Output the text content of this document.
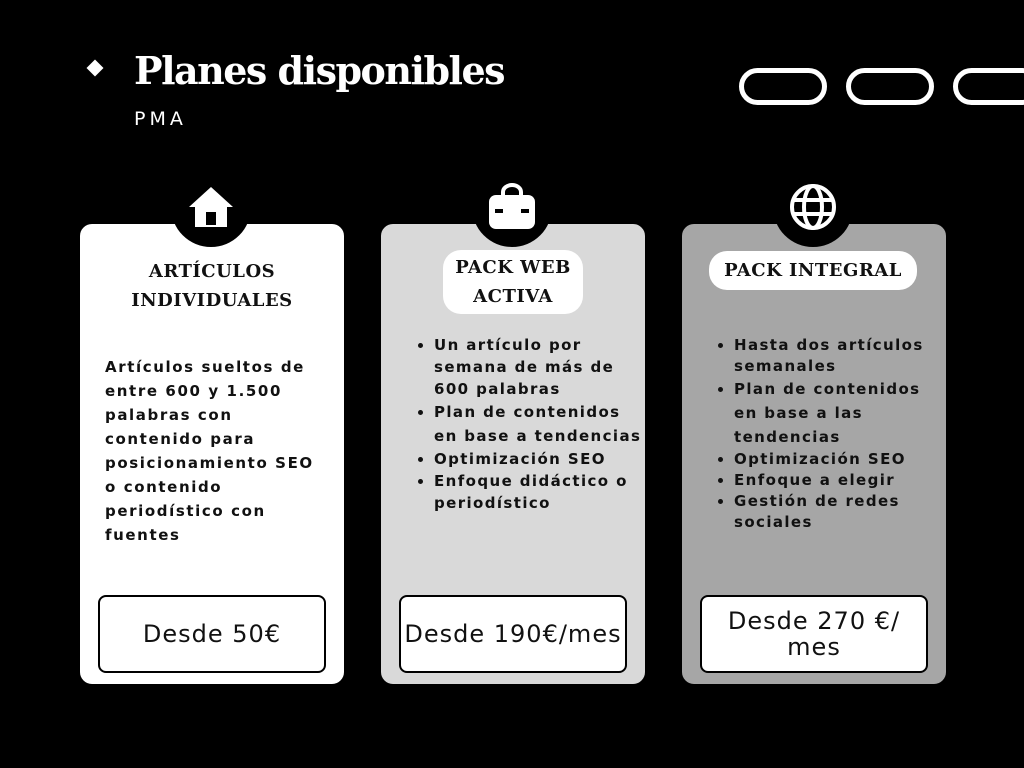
Planes disponibles

PMA

ARTÍCULOS INDIVIDUALES

Artículos sueltos de entre 600 y 1.500 palabras con contenido para posicionamiento SEO o contenido periodístico con fuentes

Desde 50€
PACK WEB ACTIVA
• Un artículo por semana de más de 600 palabras
• Plan de contenidos en base a tendencias
• Optimización SEO
• Enfoque didáctico o periodístico
Desde 190€/mes
PACK INTEGRAL
• Hasta dos artículos semanales
• Plan de contenidos en base a las tendencias
• Optimización SEO
• Enfoque a elegir
• Gestión de redes sociales
Desde 270 €/ mes
